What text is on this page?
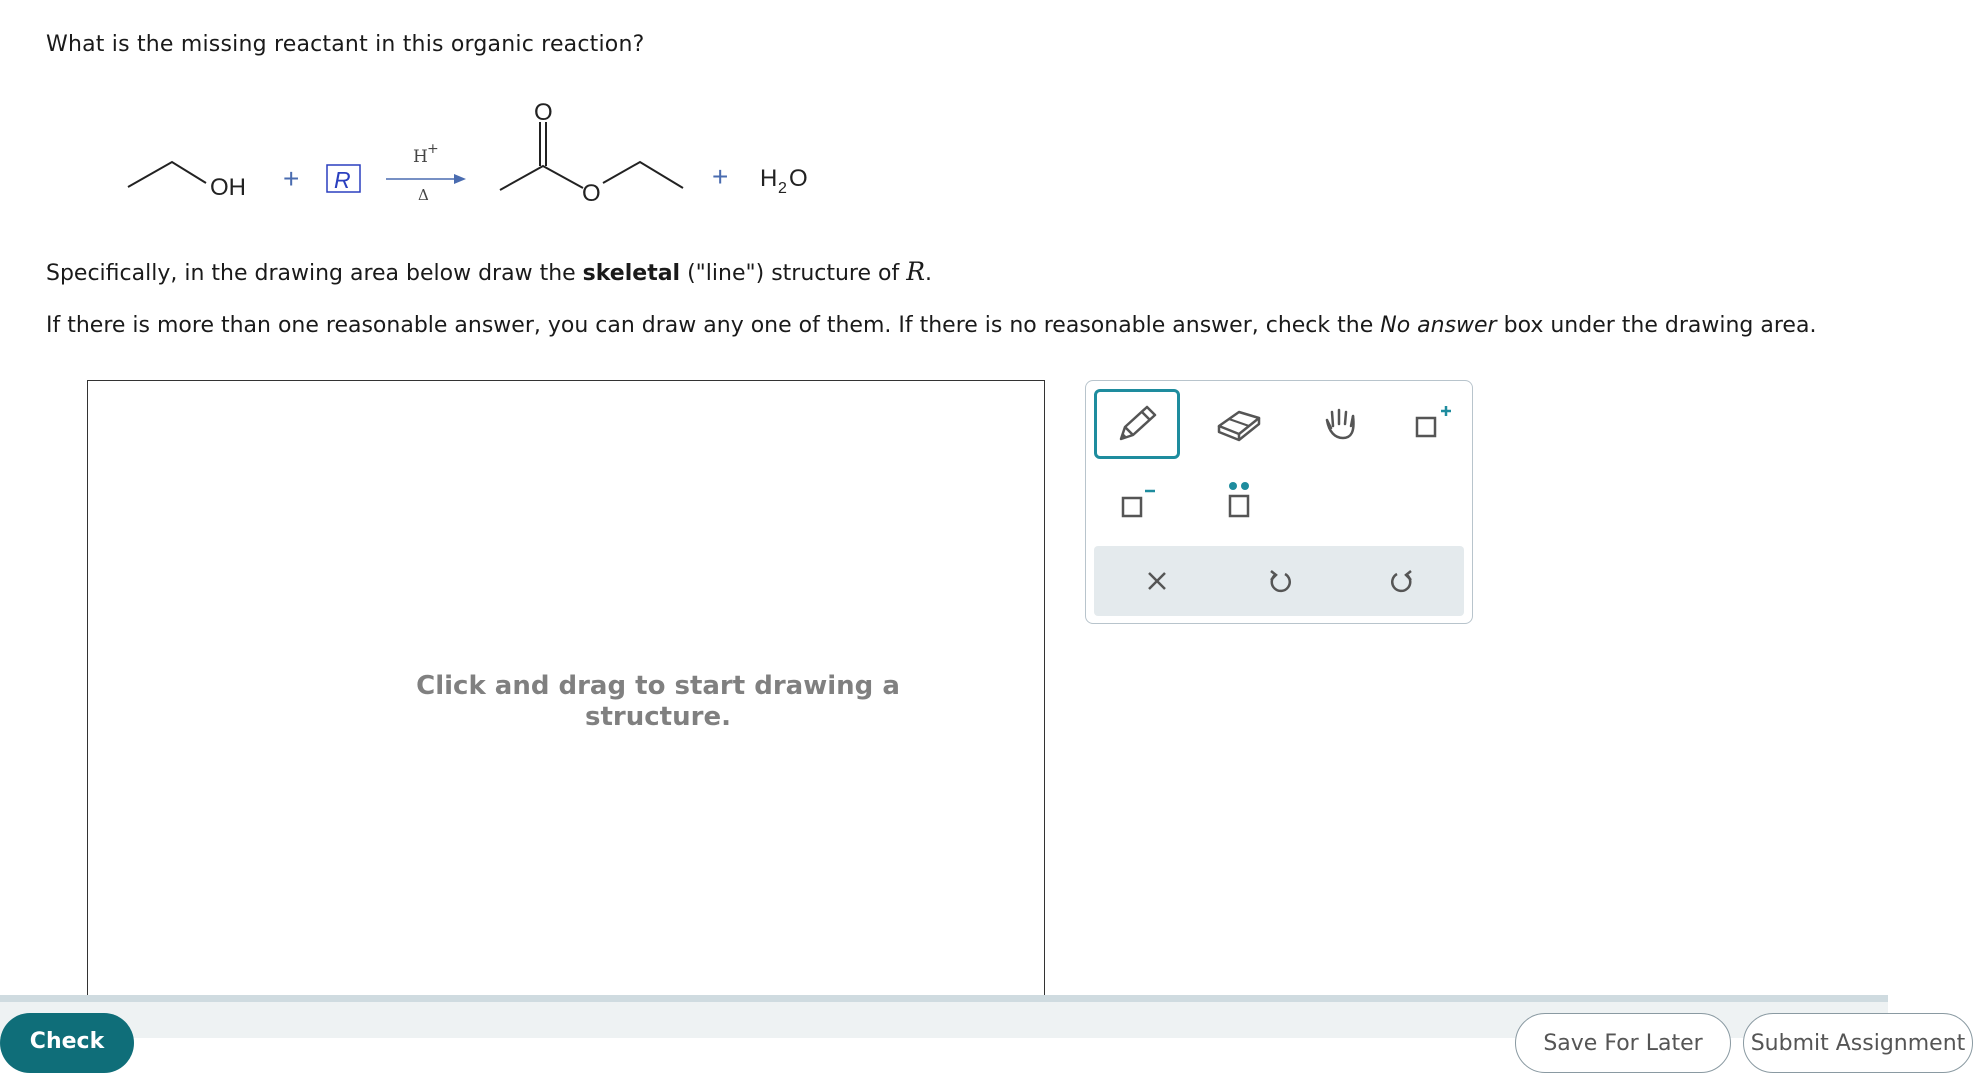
What is the missing reactant in this organic reaction?
OH + R
H +
Δ
O
O
+ H 2 O
Specifically, in the drawing area below draw the skeletal ("line") structure of R.
If there is more than one reasonable answer, you can draw any one of them. If there is no reasonable answer, check the No answer box under the drawing area.
Click and drag to start drawing a structure.
Check	Save For Later	Submit Assignment
